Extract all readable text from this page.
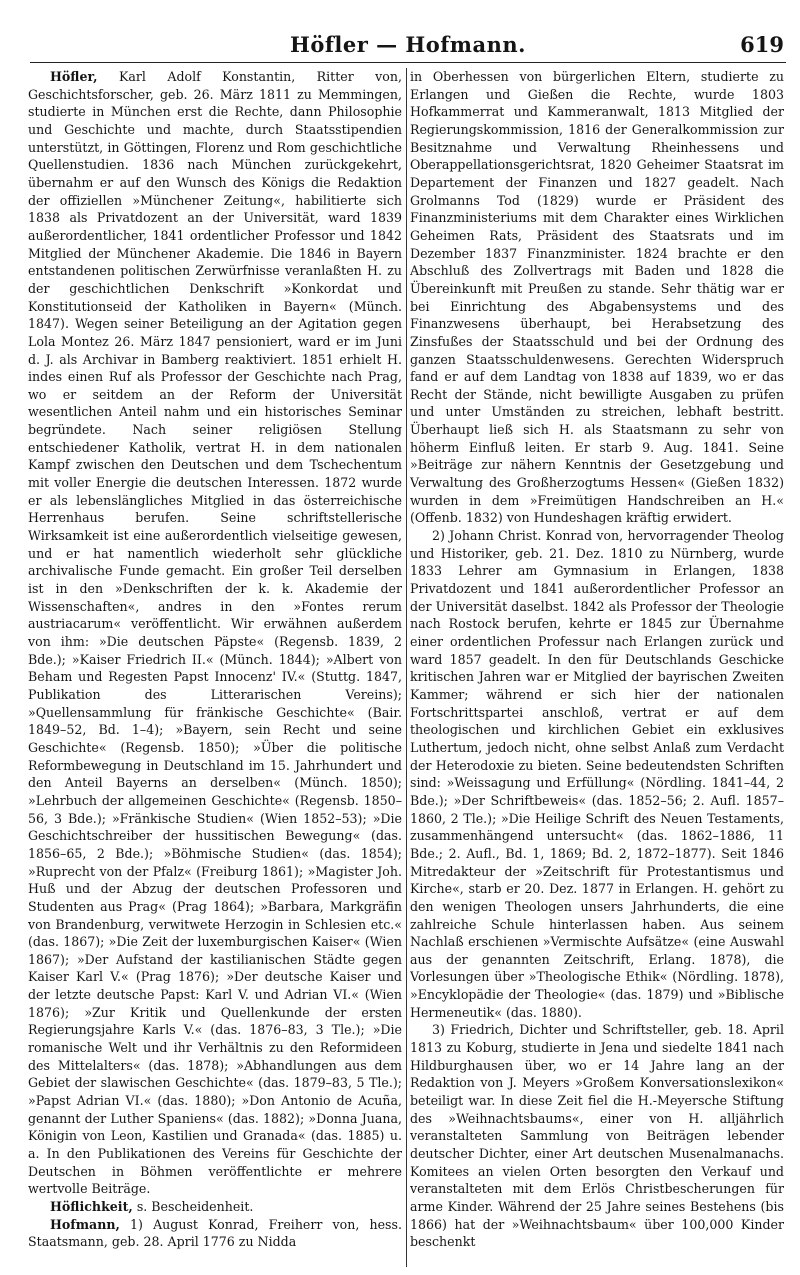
Höfler — Hofmann.	619

Höfler, Karl Adolf Konstantin, Ritter von, Geschichtsforscher, geb. 26. März 1811 zu Memmingen, studierte in München erst die Rechte, dann Philosophie und Geschichte und machte, durch Staatsstipendien unterstützt, in Göttingen, Florenz und Rom geschichtliche Quellenstudien. 1836 nach München zurückgekehrt, übernahm er auf den Wunsch des Königs die Redaktion der offiziellen »Münchener Zeitung«, habilitierte sich 1838 als Privatdozent an der Universität, ward 1839 außerordentlicher, 1841 ordentlicher Professor und 1842 Mitglied der Münchener Akademie. Die 1846 in Bayern entstandenen politischen Zerwürfnisse veranlaßten H. zu der geschichtlichen Denkschrift »Konkordat und Konstitutionseid der Katholiken in Bayern« (Münch. 1847). Wegen seiner Beteiligung an der Agitation gegen Lola Montez 26. März 1847 pensioniert, ward er im Juni d. J. als Archivar in Bamberg reaktiviert. 1851 erhielt H. indes einen Ruf als Professor der Geschichte nach Prag, wo er seitdem an der Reform der Universität wesentlichen Anteil nahm und ein historisches Seminar begründete. Nach seiner religiösen Stellung entschiedener Katholik, vertrat H. in dem nationalen Kampf zwischen den Deutschen und dem Tschechentum mit voller Energie die deutschen Interessen. 1872 wurde er als lebenslängliches Mitglied in das österreichische Herrenhaus berufen. Seine schriftstellerische Wirksamkeit ist eine außerordentlich vielseitige gewesen, und er hat namentlich wiederholt sehr glückliche archivalische Funde gemacht. Ein großer Teil derselben ist in den »Denkschriften der k. k. Akademie der Wissenschaften«, andres in den »Fontes rerum austriacarum« veröffentlicht. Wir erwähnen außerdem von ihm: »Die deutschen Päpste« (Regensb. 1839, 2 Bde.); »Kaiser Friedrich II.« (Münch. 1844); »Albert von Beham und Regesten Papst Innocenz' IV.« (Stuttg. 1847, Publikation des Litterarischen Vereins); »Quellensammlung für fränkische Geschichte« (Bair. 1849–52, Bd. 1–4); »Bayern, sein Recht und seine Geschichte« (Regensb. 1850); »Über die politische Reformbewegung in Deutschland im 15. Jahrhundert und den Anteil Bayerns an derselben« (Münch. 1850); »Lehrbuch der allgemeinen Geschichte« (Regensb. 1850–56, 3 Bde.); »Fränkische Studien« (Wien 1852–53); »Die Geschichtschreiber der hussitischen Bewegung« (das. 1856–65, 2 Bde.); »Böhmische Studien« (das. 1854); »Ruprecht von der Pfalz« (Freiburg 1861); »Magister Joh. Huß und der Abzug der deutschen Professoren und Studenten aus Prag« (Prag 1864); »Barbara, Markgräfin von Brandenburg, verwitwete Herzogin in Schlesien etc.« (das. 1867); »Die Zeit der luxemburgischen Kaiser« (Wien 1867); »Der Aufstand der kastilianischen Städte gegen Kaiser Karl V.« (Prag 1876); »Der deutsche Kaiser und der letzte deutsche Papst: Karl V. und Adrian VI.« (Wien 1876); »Zur Kritik und Quellenkunde der ersten Regierungsjahre Karls V.« (das. 1876–83, 3 Tle.); »Die romanische Welt und ihr Verhältnis zu den Reformideen des Mittelalters« (das. 1878); »Abhandlungen aus dem Gebiet der slawischen Geschichte« (das. 1879–83, 5 Tle.); »Papst Adrian VI.« (das. 1880); »Don Antonio de Acuña, genannt der Luther Spaniens« (das. 1882); »Donna Juana, Königin von Leon, Kastilien und Granada« (das. 1885) u. a. In den Publikationen des Vereins für Geschichte der Deutschen in Böhmen veröffentlichte er mehrere wertvolle Beiträge.

Höflichkeit, s. Bescheidenheit.

Hofmann, 1) August Konrad, Freiherr von, hess. Staatsmann, geb. 28. April 1776 zu Nidda

in Oberhessen von bürgerlichen Eltern, studierte zu Erlangen und Gießen die Rechte, wurde 1803 Hofkammerrat und Kammeranwalt, 1813 Mitglied der Regierungskommission, 1816 der Generalkommission zur Besitznahme und Verwaltung Rheinhessens und Oberappellationsgerichtsrat, 1820 Geheimer Staatsrat im Departement der Finanzen und 1827 geadelt. Nach Grolmanns Tod (1829) wurde er Präsident des Finanzministeriums mit dem Charakter eines Wirklichen Geheimen Rats, Präsident des Staatsrats und im Dezember 1837 Finanzminister. 1824 brachte er den Abschluß des Zollvertrags mit Baden und 1828 die Übereinkunft mit Preußen zu stande. Sehr thätig war er bei Einrichtung des Abgabensystems und des Finanzwesens überhaupt, bei Herabsetzung des Zinsfußes der Staatsschuld und bei der Ordnung des ganzen Staatsschuldenwesens. Gerechten Widerspruch fand er auf dem Landtag von 1838 auf 1839, wo er das Recht der Stände, nicht bewilligte Ausgaben zu prüfen und unter Umständen zu streichen, lebhaft bestritt. Überhaupt ließ sich H. als Staatsmann zu sehr von höherm Einfluß leiten. Er starb 9. Aug. 1841. Seine »Beiträge zur nähern Kenntnis der Gesetzgebung und Verwaltung des Großherzogtums Hessen« (Gießen 1832) wurden in dem »Freimütigen Handschreiben an H.« (Offenb. 1832) von Hundeshagen kräftig erwidert.

2) Johann Christ. Konrad von, hervorragender Theolog und Historiker, geb. 21. Dez. 1810 zu Nürnberg, wurde 1833 Lehrer am Gymnasium in Erlangen, 1838 Privatdozent und 1841 außerordentlicher Professor an der Universität daselbst. 1842 als Professor der Theologie nach Rostock berufen, kehrte er 1845 zur Übernahme einer ordentlichen Professur nach Erlangen zurück und ward 1857 geadelt. In den für Deutschlands Geschicke kritischen Jahren war er Mitglied der bayrischen Zweiten Kammer; während er sich hier der nationalen Fortschrittspartei anschloß, vertrat er auf dem theologischen und kirchlichen Gebiet ein exklusives Luthertum, jedoch nicht, ohne selbst Anlaß zum Verdacht der Heterodoxie zu bieten. Seine bedeutendsten Schriften sind: »Weissagung und Erfüllung« (Nördling. 1841–44, 2 Bde.); »Der Schriftbeweis« (das. 1852–56; 2. Aufl. 1857–1860, 2 Tle.); »Die Heilige Schrift des Neuen Testaments, zusammenhängend untersucht« (das. 1862–1886, 11 Bde.; 2. Aufl., Bd. 1, 1869; Bd. 2, 1872–1877). Seit 1846 Mitredakteur der »Zeitschrift für Protestantismus und Kirche«, starb er 20. Dez. 1877 in Erlangen. H. gehört zu den wenigen Theologen unsers Jahrhunderts, die eine zahlreiche Schule hinterlassen haben. Aus seinem Nachlaß erschienen »Vermischte Aufsätze« (eine Auswahl aus der genannten Zeitschrift, Erlang. 1878), die Vorlesungen über »Theologische Ethik« (Nördling. 1878), »Encyklopädie der Theologie« (das. 1879) und »Biblische Hermeneutik« (das. 1880).

3) Friedrich, Dichter und Schriftsteller, geb. 18. April 1813 zu Koburg, studierte in Jena und siedelte 1841 nach Hildburghausen über, wo er 14 Jahre lang an der Redaktion von J. Meyers »Großem Konversationslexikon« beteiligt war. In diese Zeit fiel die H.-Meyersche Stiftung des »Weihnachtsbaums«, einer von H. alljährlich veranstalteten Sammlung von Beiträgen lebender deutscher Dichter, einer Art deutschen Musenalmanachs. Komitees an vielen Orten besorgten den Verkauf und veranstalteten mit dem Erlös Christbescherungen für arme Kinder. Während der 25 Jahre seines Bestehens (bis 1866) hat der »Weihnachtsbaum« über 100,000 Kinder beschenkt
